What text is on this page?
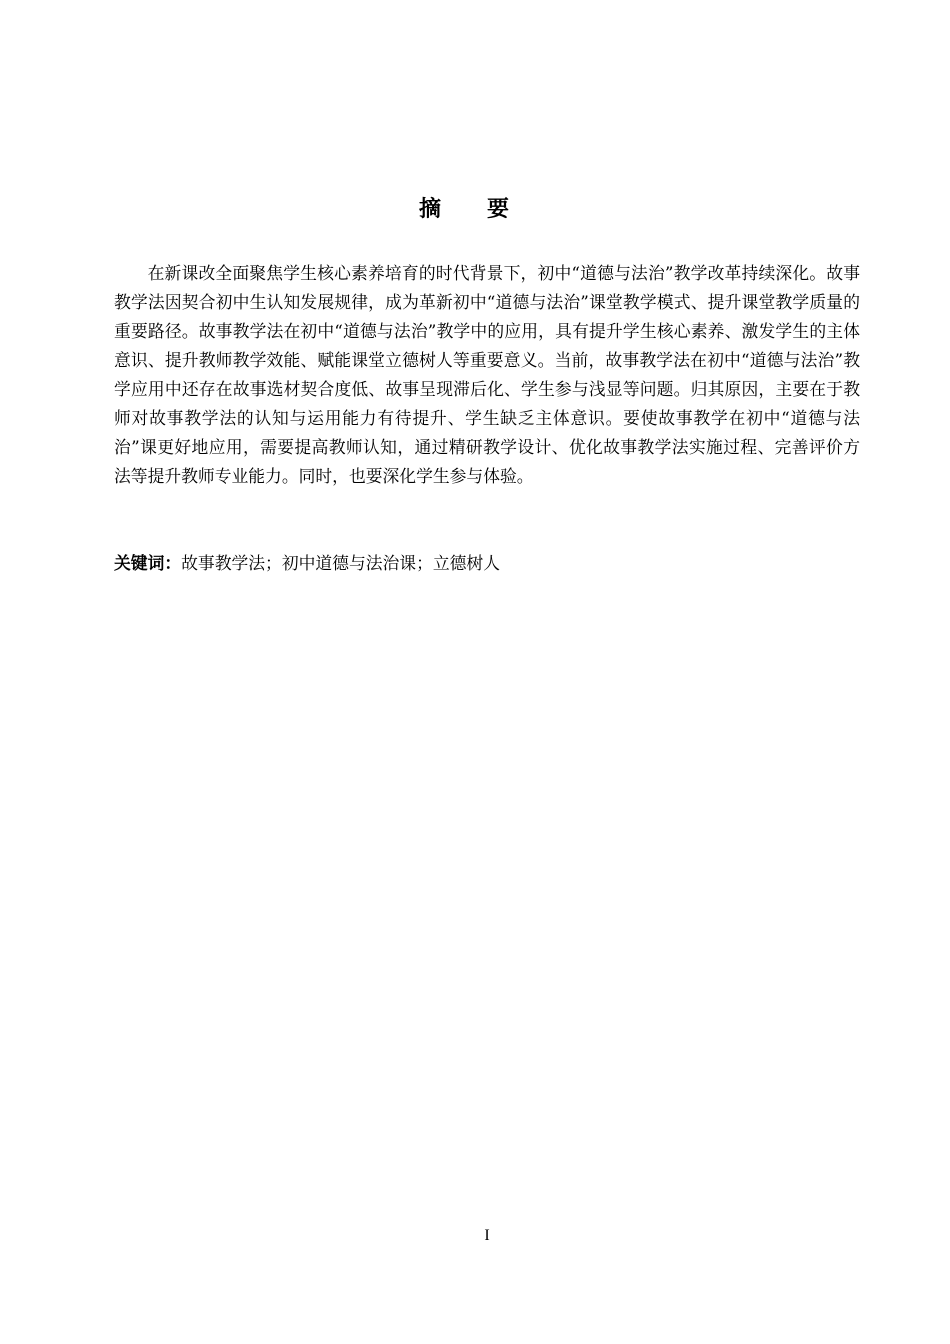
摘要

在新课改全面聚焦学生核心素养培育的时代背景下，初中“道德与法治”教学改革持续深化。故事教学法因契合初中生认知发展规律，成为革新初中“道德与法治”课堂教学模式、提升课堂教学质量的重要路径。故事教学法在初中“道德与法治”教学中的应用，具有提升学生核心素养、激发学生的主体意识、提升教师教学效能、赋能课堂立德树人等重要意义。当前，故事教学法在初中“道德与法治”教学应用中还存在故事选材契合度低、故事呈现滞后化、学生参与浅显等问题。归其原因，主要在于教师对故事教学法的认知与运用能力有待提升、学生缺乏主体意识。要使故事教学在初中“道德与法治”课更好地应用，需要提高教师认知，通过精研教学设计、优化故事教学法实施过程、完善评价方法等提升教师专业能力。同时，也要深化学生参与体验。

关键词：故事教学法；初中道德与法治课；立德树人

I
